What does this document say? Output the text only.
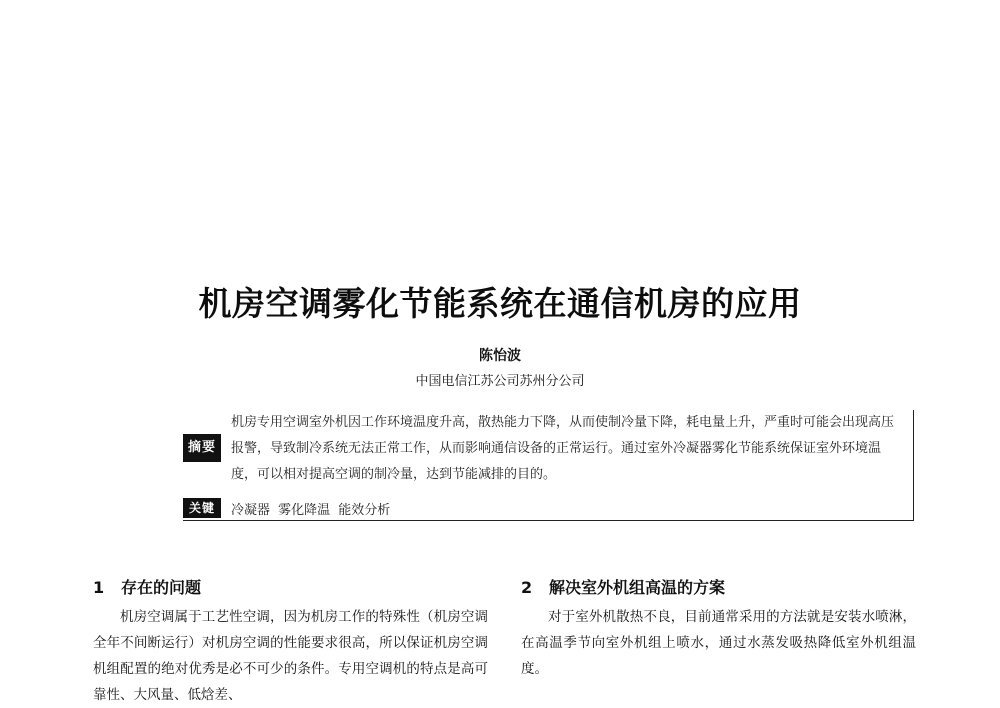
机房空调雾化节能系统在通信机房的应用
陈怡波
中国电信江苏公司苏州分公司
摘要
机房专用空调室外机因工作环境温度升高，散热能力下降，从而使制冷量下降，耗电量上升，严重时可能会出现高压报警，导致制冷系统无法正常工作，从而影响通信设备的正常运行。通过室外冷凝器雾化节能系统保证室外环境温度，可以相对提高空调的制冷量，达到节能减排的目的。
关键词
冷凝器 雾化降温 能效分析
1 存在的问题

机房空调属于工艺性空调，因为机房工作的特殊性（机房空调全年不间断运行）对机房空调的性能要求很高，所以保证机房空调机组配置的绝对优秀是必不可少的条件。专用空调机的特点是高可靠性、大风量、低焓差、

2 解决室外机组高温的方案

对于室外机散热不良，目前通常采用的方法就是安装水喷淋，在高温季节向室外机组上喷水，通过水蒸发吸热降低室外机组温度。
